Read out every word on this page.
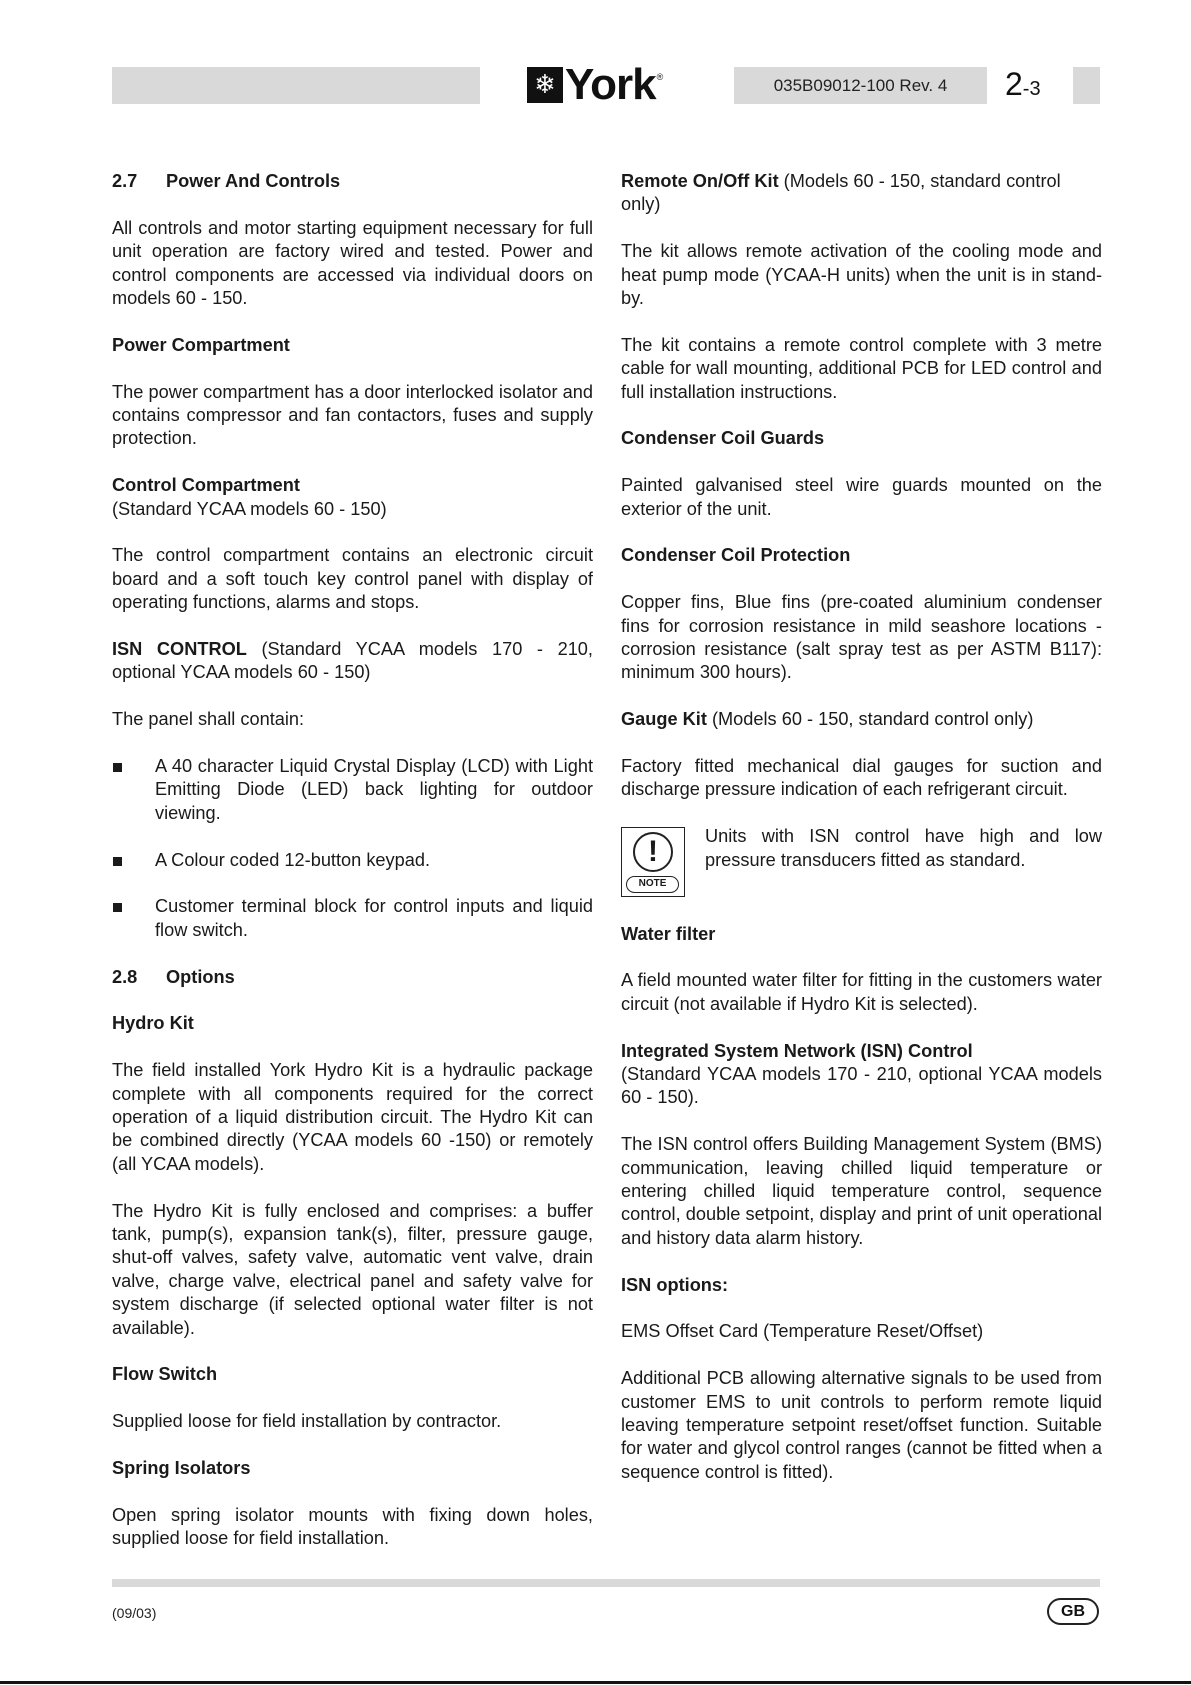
❄ York ®	035B09012-100 Rev. 4	2-3
2.7 Power And Controls

All controls and motor starting equipment necessary for full unit operation are factory wired and tested. Power and control components are accessed via individual doors on models 60 - 150.

Power Compartment

The power compartment has a door interlocked isolator and contains compressor and fan contactors, fuses and supply protection.

Control Compartment
(Standard YCAA models 60 - 150)

The control compartment contains an electronic circuit board and a soft touch key control panel with display of operating functions, alarms and stops.

ISN CONTROL (Standard YCAA models 170 - 210, optional YCAA models 60 - 150)

The panel shall contain:

A 40 character Liquid Crystal Display (LCD) with Light Emitting Diode (LED) back lighting for outdoor viewing.
A Colour coded 12-button keypad.
Customer terminal block for control inputs and liquid flow switch.
2.8 Options
Hydro Kit

The field installed York Hydro Kit is a hydraulic package complete with all components required for the correct operation of a liquid distribution circuit. The Hydro Kit can be combined directly (YCAA models 60 -150) or remotely (all YCAA models).

The Hydro Kit is fully enclosed and comprises: a buffer tank, pump(s), expansion tank(s), filter, pressure gauge, shut-off valves, safety valve, automatic vent valve, drain valve, charge valve, electrical panel and safety valve for system discharge (if selected optional water filter is not available).

Flow Switch

Supplied loose for field installation by contractor.

Spring Isolators

Open spring isolator mounts with fixing down holes, supplied loose for field installation.

Remote On/Off Kit (Models 60 - 150, standard control only)

The kit allows remote activation of the cooling mode and heat pump mode (YCAA-H units) when the unit is in stand-by.

The kit contains a remote control complete with 3 metre cable for wall mounting, additional PCB for LED control and full installation instructions.

Condenser Coil Guards

Painted galvanised steel wire guards mounted on the exterior of the unit.

Condenser Coil Protection

Copper fins, Blue fins (pre-coated aluminium condenser fins for corrosion resistance in mild seashore locations - corrosion resistance (salt spray test as per ASTM B117): minimum 300 hours).

Gauge Kit (Models 60 - 150, standard control only)

Factory fitted mechanical dial gauges for suction and discharge pressure indication of each refrigerant circuit.

!
NOTE
Units with ISN control have high and low pressure transducers fitted as standard.
Water filter

A field mounted water filter for fitting in the customers water circuit (not available if Hydro Kit is selected).

Integrated System Network (ISN) Control
(Standard YCAA models 170 - 210, optional YCAA models 60 - 150).

The ISN control offers Building Management System (BMS) communication, leaving chilled liquid temperature or entering chilled liquid temperature control, sequence control, double setpoint, display and print of unit operational and history data alarm history.

ISN options:

EMS Offset Card (Temperature Reset/Offset)

Additional PCB allowing alternative signals to be used from customer EMS to unit controls to perform remote liquid leaving temperature setpoint reset/offset function. Suitable for water and glycol control ranges (cannot be fitted when a sequence control is fitted).

(09/03)	GB
